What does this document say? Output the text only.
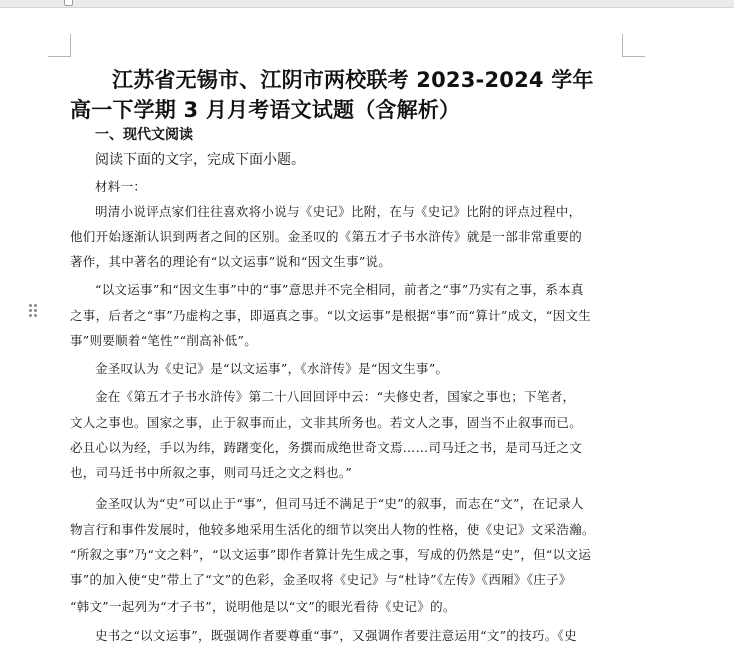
江苏省无锡市、江阴市两校联考 2023-2024 学年
高一下学期 3 月月考语文试题（含解析）
一、现代文阅读
阅读下面的文字，完成下面小题。
材料一：
明清小说评点家们往往喜欢将小说与《史记》比附，在与《史记》比附的评点过程中，
他们开始逐渐认识到两者之间的区别。金圣叹的《第五才子书水浒传》就是一部非常重要的
著作，其中著名的理论有“以文运事”说和“因文生事”说。
“以文运事”和“因文生事”中的“事”意思并不完全相同，前者之“事”乃实有之事，系本真
之事，后者之“事”乃虚构之事，即逼真之事。“以文运事”是根据“事”而“算计”成文，“因文生
事”则要顺着“笔性”“削高补低”。
金圣叹认为《史记》是“以文运事”，《水浒传》是“因文生事”。
金在《第五才子书水浒传》第二十八回回评中云：“夫修史者，国家之事也；下笔者，
文人之事也。国家之事，止于叙事而止，文非其所务也。若文人之事，固当不止叙事而已。
必且心以为经，手以为纬，踌躇变化，务撰而成绝世奇文焉……司马迁之书，是司马迁之文
也，司马迁书中所叙之事，则司马迁之文之料也。”
金圣叹认为“史”可以止于“事”，但司马迁不满足于“史”的叙事，而志在“文”，在记录人
物言行和事件发展时，他较多地采用生活化的细节以突出人物的性格，使《史记》文采浩瀚。
“所叙之事”乃“文之料”，“以文运事”即作者算计先生成之事，写成的仍然是“史”，但“以文运
事”的加入使“史”带上了“文”的色彩，金圣叹将《史记》与“杜诗”《左传》《西厢》《庄子》
“韩文”一起列为“才子书”，说明他是以“文”的眼光看待《史记》的。
史书之“以文运事”，既强调作者要尊重“事”，又强调作者要注意运用“文”的技巧。《史
